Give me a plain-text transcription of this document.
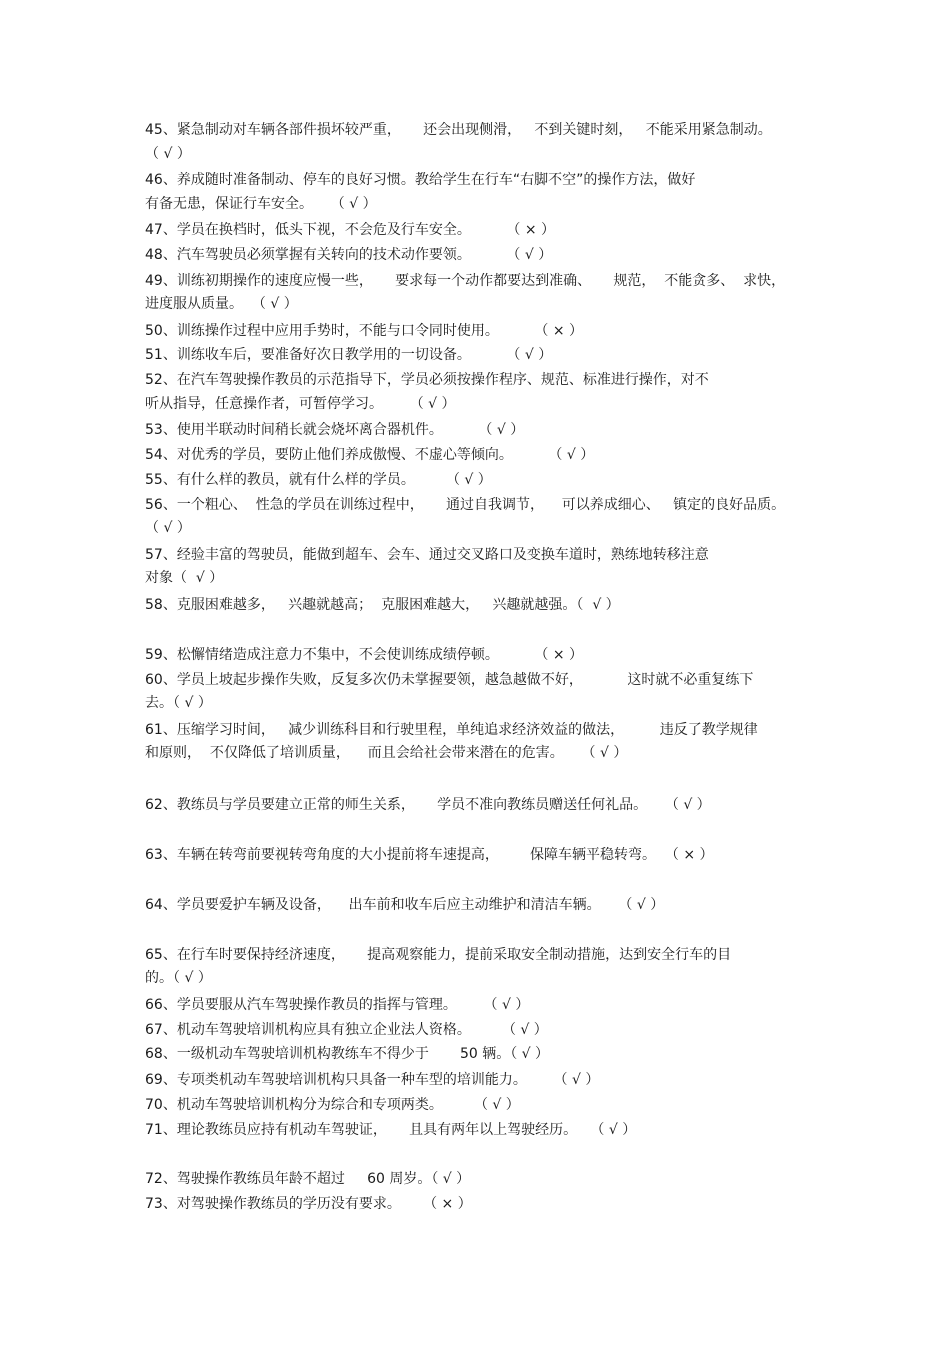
45、紧急制动对车辆各部件损坏较严重，     还会出现侧滑，   不到关键时刻，   不能采用紧急制动。
（ √ ）
46、养成随时准备制动、停车的良好习惯。教给学生在行车“右脚不空”的操作方法，做好
有备无患，保证行车安全。    （ √ ）
47、学员在换档时，低头下视，不会危及行车安全。        （ × ）
48、汽车驾驶员必须掌握有关转向的技术动作要领。        （ √ ）
49、训练初期操作的速度应慢一些，     要求每一个动作都要达到准确、     规范，  不能贪多、  求快，
进度服从质量。  （ √ ）
50、训练操作过程中应用手势时，不能与口令同时使用。        （ × ）
51、训练收车后，要准备好次日教学用的一切设备。        （ √ ）
52、在汽车驾驶操作教员的示范指导下，学员必须按操作程序、规范、标准进行操作，对不
听从指导，任意操作者，可暂停学习。      （ √ ）
53、使用半联动时间稍长就会烧坏离合器机件。        （ √ ）
54、对优秀的学员，要防止他们养成傲慢、不虚心等倾向。        （ √ ）
55、有什么样的教员，就有什么样的学员。       （ √ ）
56、一个粗心、  性急的学员在训练过程中，     通过自我调节，    可以养成细心、   镇定的良好品质。
（ √ ）
57、经验丰富的驾驶员，能做到超车、会车、通过交叉路口及变换车道时，熟练地转移注意
对象（  √ ）
58、克服困难越多，   兴趣就越高；  克服困难越大，   兴趣就越强。（  √ ）
59、松懈情绪造成注意力不集中，不会使训练成绩停顿。        （ × ）
60、学员上坡起步操作失败，反复多次仍未掌握要领，越急越做不好，          这时就不必重复练下
去。（ √ ）
61、压缩学习时间，   减少训练科目和行驶里程，单纯追求经济效益的做法，        违反了教学规律
和原则，  不仅降低了培训质量，    而且会给社会带来潜在的危害。    （ √ ）
62、教练员与学员要建立正常的师生关系，     学员不准向教练员赠送任何礼品。    （ √ ）
63、车辆在转弯前要视转弯角度的大小提前将车速提高，       保障车辆平稳转弯。  （ × ）
64、学员要爱护车辆及设备，    出车前和收车后应主动维护和清洁车辆。    （ √ ）
65、在行车时要保持经济速度，     提高观察能力，提前采取安全制动措施，达到安全行车的目
的。（ √ ）
66、学员要服从汽车驾驶操作教员的指挥与管理。      （ √ ）
67、机动车驾驶培训机构应具有独立企业法人资格。       （ √ ）
68、一级机动车驾驶培训机构教练车不得少于       50 辆。（ √ ）
69、专项类机动车驾驶培训机构只具备一种车型的培训能力。      （ √ ）
70、机动车驾驶培训机构分为综合和专项两类。       （ √ ）
71、理论教练员应持有机动车驾驶证，     且具有两年以上驾驶经历。   （ √ ）
72、驾驶操作教练员年龄不超过     60 周岁。（ √ ）
73、对驾驶操作教练员的学历没有要求。     （ × ）
